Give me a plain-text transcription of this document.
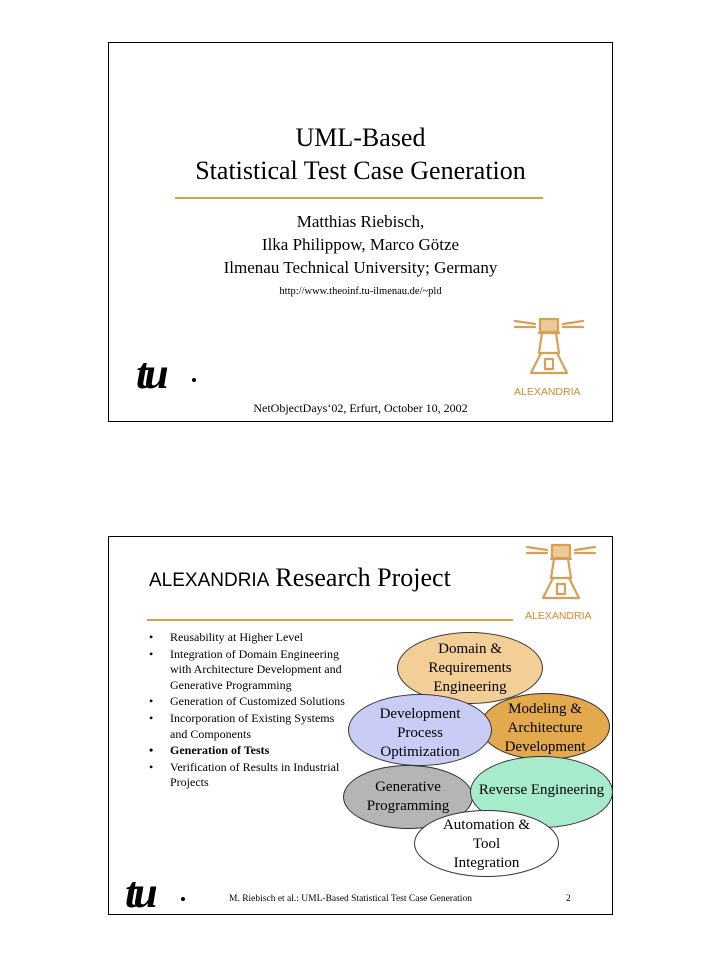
UML-Based
Statistical Test Case Generation
Matthias Riebisch,
Ilka Philippow, Marco Götze
Ilmenau Technical University; Germany
http://www.theoinf.tu-ilmenau.de/~pld
tu	ALEXANDRIA
NetObjectDays‘02, Erfurt, October 10, 2002
ALEXANDRIA Research Project
ALEXANDRIA
• Reusability at Higher Level
• Integration of Domain Engineering with Architecture Development and Generative Programming
• Generation of Customized Solutions
• Incorporation of Existing Systems and Components
• Generation of Tests
• Verification of Results in Industrial Projects
Domain &
Requirements
Engineering
Modeling &
Architecture
Development
Development
Process
Optimization
Generative
Programming
Reverse Engineering
Automation &
Tool
Integration
tu	M. Riebisch et al.: UML-Based Statistical Test Case Generation	2
